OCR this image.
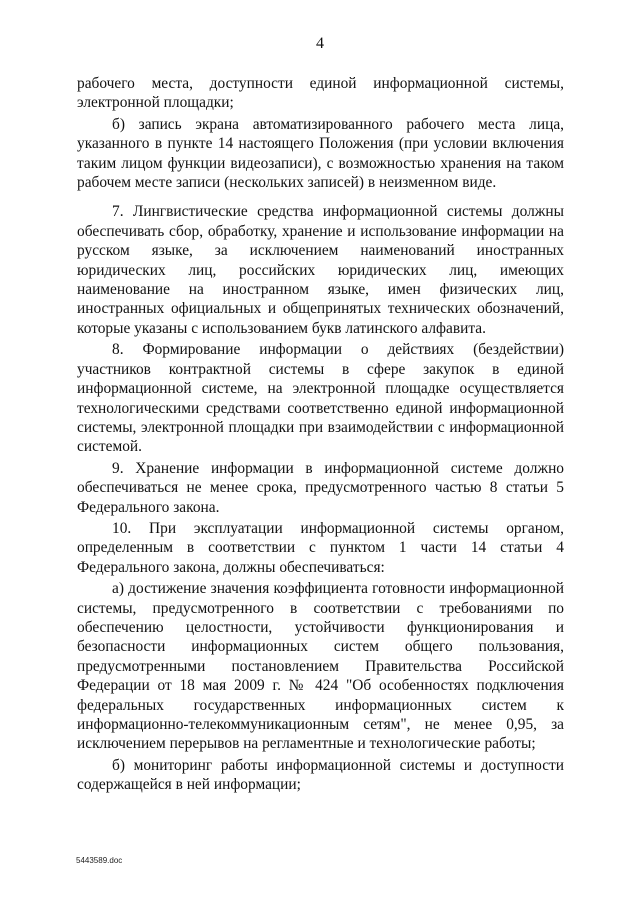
4

рабочего места, доступности единой информационной системы, электронной площадки;

б) запись экрана автоматизированного рабочего места лица, указанного в пункте 14 настоящего Положения (при условии включения таким лицом функции видеозаписи), с возможностью хранения на таком рабочем месте записи (нескольких записей) в неизменном виде.

7. Лингвистические средства информационной системы должны обеспечивать сбор, обработку, хранение и использование информации на русском языке, за исключением наименований иностранных юридических лиц, российских юридических лиц, имеющих наименование на иностранном языке, имен физических лиц, иностранных официальных и общепринятых технических обозначений, которые указаны с использованием букв латинского алфавита.

8. Формирование информации о действиях (бездействии) участников контрактной системы в сфере закупок в единой информационной системе, на электронной площадке осуществляется технологическими средствами соответственно единой информационной системы, электронной площадки при взаимодействии с информационной системой.

9. Хранение информации в информационной системе должно обеспечиваться не менее срока, предусмотренного частью 8 статьи 5 Федерального закона.

10. При эксплуатации информационной системы органом, определенным в соответствии с пунктом 1 части 14 статьи 4 Федерального закона, должны обеспечиваться:

а) достижение значения коэффициента готовности информационной системы, предусмотренного в соответствии с требованиями по обеспечению целостности, устойчивости функционирования и безопасности информационных систем общего пользования, предусмотренными постановлением Правительства Российской Федерации от 18 мая 2009 г. № 424 "Об особенностях подключения федеральных государственных информационных систем к информационно-телекоммуникационным сетям", не менее 0,95, за исключением перерывов на регламентные и технологические работы;

б) мониторинг работы информационной системы и доступности содержащейся в ней информации;

5443589.doc
